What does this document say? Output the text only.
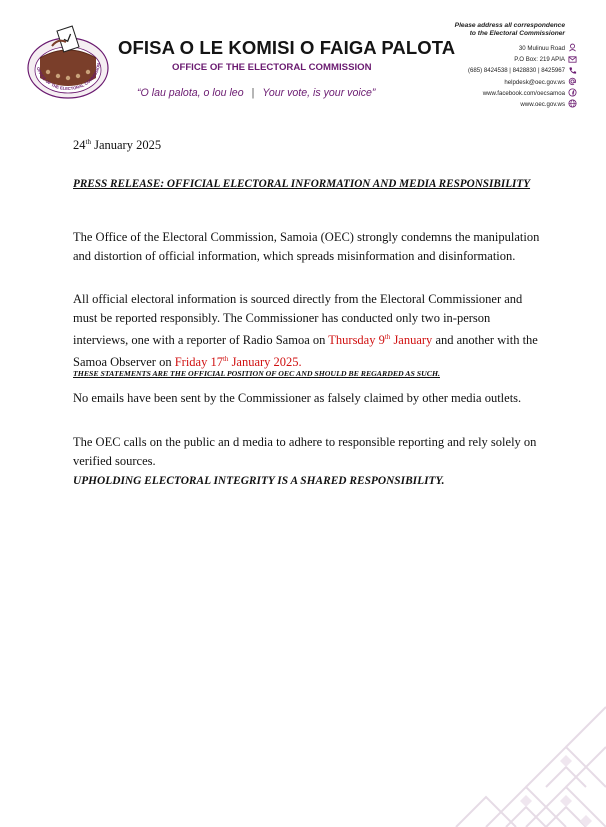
OFFICE OF THE ELECTORAL COMMISSION
OFISA O LE KOMISI O FAIGA PALOTA
OFFICE OF THE ELECTORAL COMMISSION
“O lau palota, o lou leo | Your vote, is your voice”
Please address all correspondence
to the Electoral Commissioner
30 Mulinuu Road
P.O Box: 219 APIA
(685) 8424538 | 8428830 | 8425967
helpdesk@oec.gov.ws
www.facebook.com/oecsamoa
www.oec.gov.ws
24th January 2025
PRESS RELEASE: OFFICIAL ELECTORAL INFORMATION AND MEDIA RESPONSIBILITY
The Office of the Electoral Commission, Samoia (OEC) strongly condemns the manipulation and distortion of official information, which spreads misinformation and disinformation.
All official electoral information is sourced directly from the Electoral Commissioner and must be reported responsibly. The Commissioner has conducted only two in-person interviews, one with a reporter of Radio Samoa on Thursday 9th January and another with the Samoa Observer on Friday 17th January 2025.
THESE STATEMENTS ARE THE OFFICIAL POSITION OF OEC AND SHOULD BE REGARDED AS SUCH.
No emails have been sent by the Commissioner as falsely claimed by other media outlets.
The OEC calls on the public an d media to adhere to responsible reporting and rely solely on verified sources.
UPHOLDING ELECTORAL INTEGRITY IS A SHARED RESPONSIBILITY.
